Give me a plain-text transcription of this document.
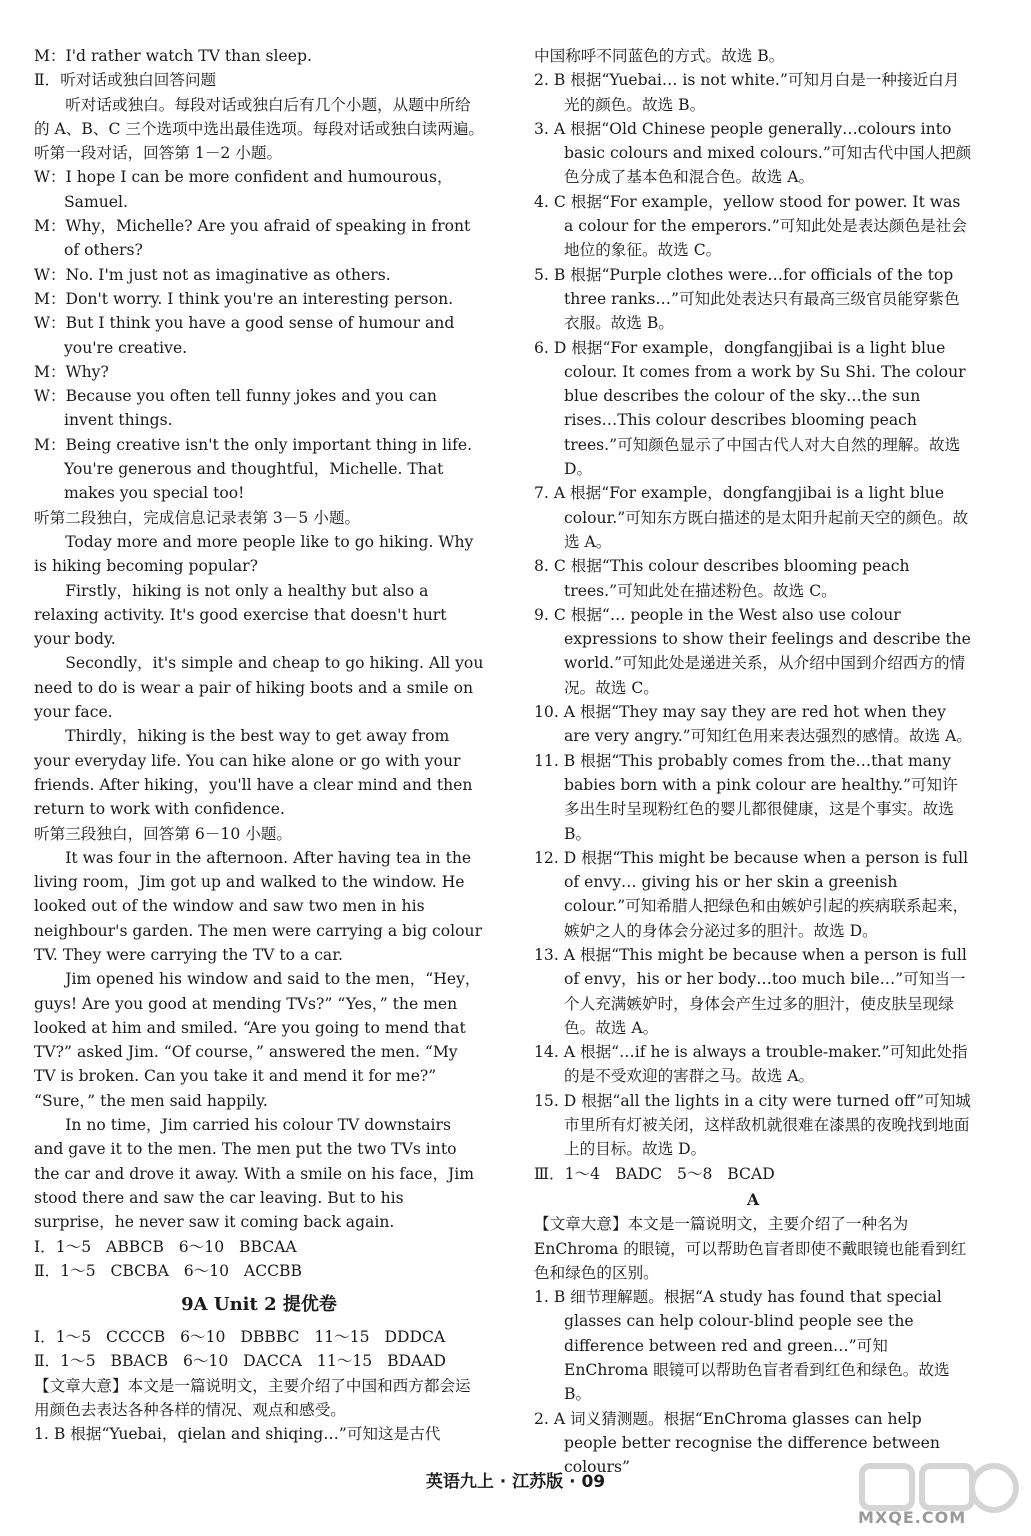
M：I'd rather watch TV than sleep.

Ⅱ．听对话或独白回答问题

听对话或独白。每段对话或独白后有几个小题，从题中所给的 A、B、C 三个选项中选出最佳选项。每段对话或独白读两遍。

听第一段对话，回答第 1－2 小题。

W：I hope I can be more confident and humourous，Samuel.

M：Why，Michelle? Are you afraid of speaking in front of others?

W：No. I'm just not as imaginative as others.

M：Don't worry. I think you're an interesting person.

W：But I think you have a good sense of humour and you're creative.

M：Why?

W：Because you often tell funny jokes and you can invent things.

M：Being creative isn't the only important thing in life. You're generous and thoughtful，Michelle. That makes you special too!

听第二段独白，完成信息记录表第 3－5 小题。

Today more and more people like to go hiking. Why is hiking becoming popular?

Firstly，hiking is not only a healthy but also a relaxing activity. It's good exercise that doesn't hurt your body.

Secondly，it's simple and cheap to go hiking. All you need to do is wear a pair of hiking boots and a smile on your face.

Thirdly，hiking is the best way to get away from your everyday life. You can hike alone or go with your friends. After hiking，you'll have a clear mind and then return to work with confidence.

听第三段独白，回答第 6－10 小题。

It was four in the afternoon. After having tea in the living room，Jim got up and walked to the window. He looked out of the window and saw two men in his neighbour's garden. The men were carrying a big colour TV. They were carrying the TV to a car.

Jim opened his window and said to the men，“Hey，guys! Are you good at mending TVs?” “Yes，” the men looked at him and smiled. “Are you going to mend that TV?” asked Jim. “Of course，” answered the men. “My TV is broken. Can you take it and mend it for me?” “Sure，” the men said happily.

In no time，Jim carried his colour TV downstairs and gave it to the men. The men put the two TVs into the car and drove it away. With a smile on his face，Jim stood there and saw the car leaving. But to his surprise，he never saw it coming back again.

Ⅰ．1～5   ABBCB   6～10   BBCAA

Ⅱ．1～5   CBCBA   6～10   ACCBB

9A Unit 2 提优卷

Ⅰ．1～5   CCCCB   6～10   DBBBC   11～15   DDDCA

Ⅱ．1～5   BBACB   6～10   DACCA   11～15   BDAAD

【文章大意】本文是一篇说明文，主要介绍了中国和西方都会运用颜色去表达各种各样的情况、观点和感受。

1. B 根据“Yuebai，qielan and shiqing…”可知这是古代

中国称呼不同蓝色的方式。故选 B。

2. B 根据“Yuebai… is not white.”可知月白是一种接近白月光的颜色。故选 B。

3. A 根据“Old Chinese people generally…colours into basic colours and mixed colours.”可知古代中国人把颜色分成了基本色和混合色。故选 A。

4. C 根据“For example，yellow stood for power. It was a colour for the emperors.”可知此处是表达颜色是社会地位的象征。故选 C。

5. B 根据“Purple clothes were…for officials of the top three ranks…”可知此处表达只有最高三级官员能穿紫色衣服。故选 B。

6. D 根据“For example，dongfangjibai is a light blue colour. It comes from a work by Su Shi. The colour blue describes the colour of the sky…the sun rises…This colour describes blooming peach trees.”可知颜色显示了中国古代人对大自然的理解。故选 D。

7. A 根据“For example，dongfangjibai is a light blue colour.”可知东方既白描述的是太阳升起前天空的颜色。故选 A。

8. C 根据“This colour describes blooming peach trees.”可知此处在描述粉色。故选 C。

9. C 根据“… people in the West also use colour expressions to show their feelings and describe the world.”可知此处是递进关系，从介绍中国到介绍西方的情况。故选 C。

10. A 根据“They may say they are red hot when they are very angry.”可知红色用来表达强烈的感情。故选 A。

11. B 根据“This probably comes from the…that many babies born with a pink colour are healthy.”可知许多出生时呈现粉红色的婴儿都很健康，这是个事实。故选 B。

12. D 根据“This might be because when a person is full of envy… giving his or her skin a greenish colour.”可知希腊人把绿色和由嫉妒引起的疾病联系起来，嫉妒之人的身体会分泌过多的胆汁。故选 D。

13. A 根据“This might be because when a person is full of envy，his or her body…too much bile…”可知当一个人充满嫉妒时，身体会产生过多的胆汁，使皮肤呈现绿色。故选 A。

14. A 根据“…if he is always a trouble-maker.”可知此处指的是不受欢迎的害群之马。故选 A。

15. D 根据“all the lights in a city were turned off”可知城市里所有灯被关闭，这样敌机就很难在漆黑的夜晚找到地面上的目标。故选 D。

Ⅲ．1～4   BADC   5～8   BCAD

A

【文章大意】本文是一篇说明文，主要介绍了一种名为 EnChroma 的眼镜，可以帮助色盲者即使不戴眼镜也能看到红色和绿色的区别。

1. B 细节理解题。根据“A study has found that special glasses can help colour-blind people see the difference between red and green…”可知 EnChroma 眼镜可以帮助色盲者看到红色和绿色。故选 B。

2. A 词义猜测题。根据“EnChroma glasses can help people better recognise the difference between colours”

英语九上 · 江苏版 · 09
MXQE.COM
